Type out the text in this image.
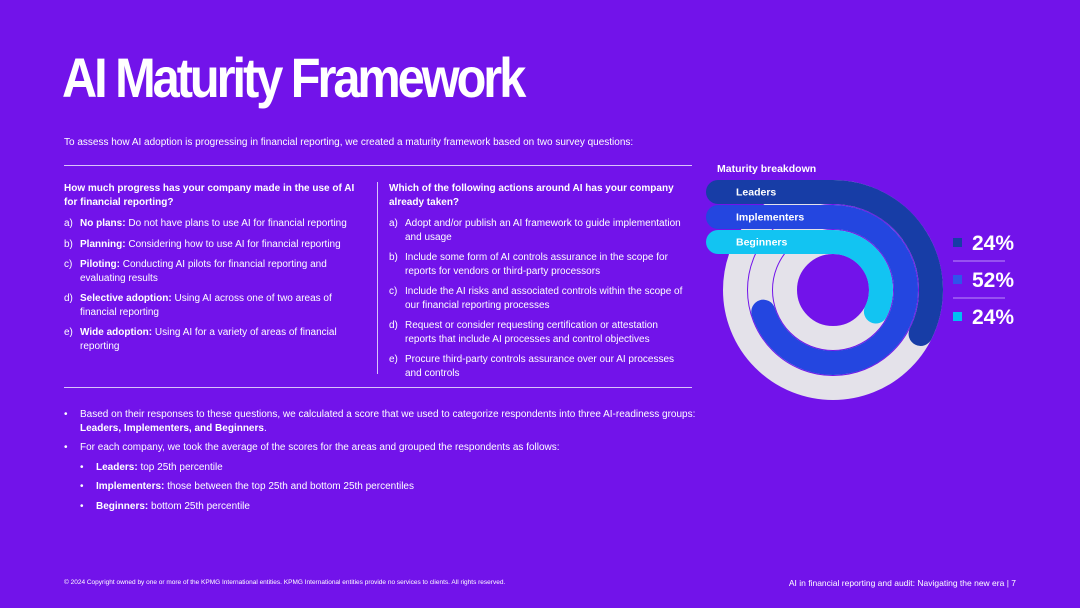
AI Maturity Framework
To assess how AI adoption is progressing in financial reporting, we created a maturity framework based on two survey questions:
How much progress has your company made in the use of AI for financial reporting?
a) No plans: Do not have plans to use AI for financial reporting
b) Planning: Considering how to use AI for financial reporting
c) Piloting: Conducting AI pilots for financial reporting and evaluating results
d) Selective adoption: Using AI across one of two areas of financial reporting
e) Wide adoption: Using AI for a variety of areas of financial reporting
Which of the following actions around AI has your company already taken?
a) Adopt and/or publish an AI framework to guide implementation and usage
b) Include some form of AI controls assurance in the scope for reports for vendors or third-party processors
c) Include the AI risks and associated controls within the scope of our financial reporting processes
d) Request or consider requesting certification or attestation reports that include AI processes and control objectives
e) Procure third-party controls assurance over our AI processes and controls
• Based on their responses to these questions, we calculated a score that we used to categorize respondents into three AI-readiness groups: Leaders, Implementers, and Beginners.
• For each company, we took the average of the scores for the areas and grouped the respondents as follows:
• Leaders: top 25th percentile
• Implementers: those between the top 25th and bottom 25th percentiles
• Beginners: bottom 25th percentile
Maturity breakdown
Leaders
Implementers
Beginners	24%
52%
24%
© 2024 Copyright owned by one or more of the KPMG International entities. KPMG International entities provide no services to clients. All rights reserved.	AI in financial reporting and audit: Navigating the new era | 7
